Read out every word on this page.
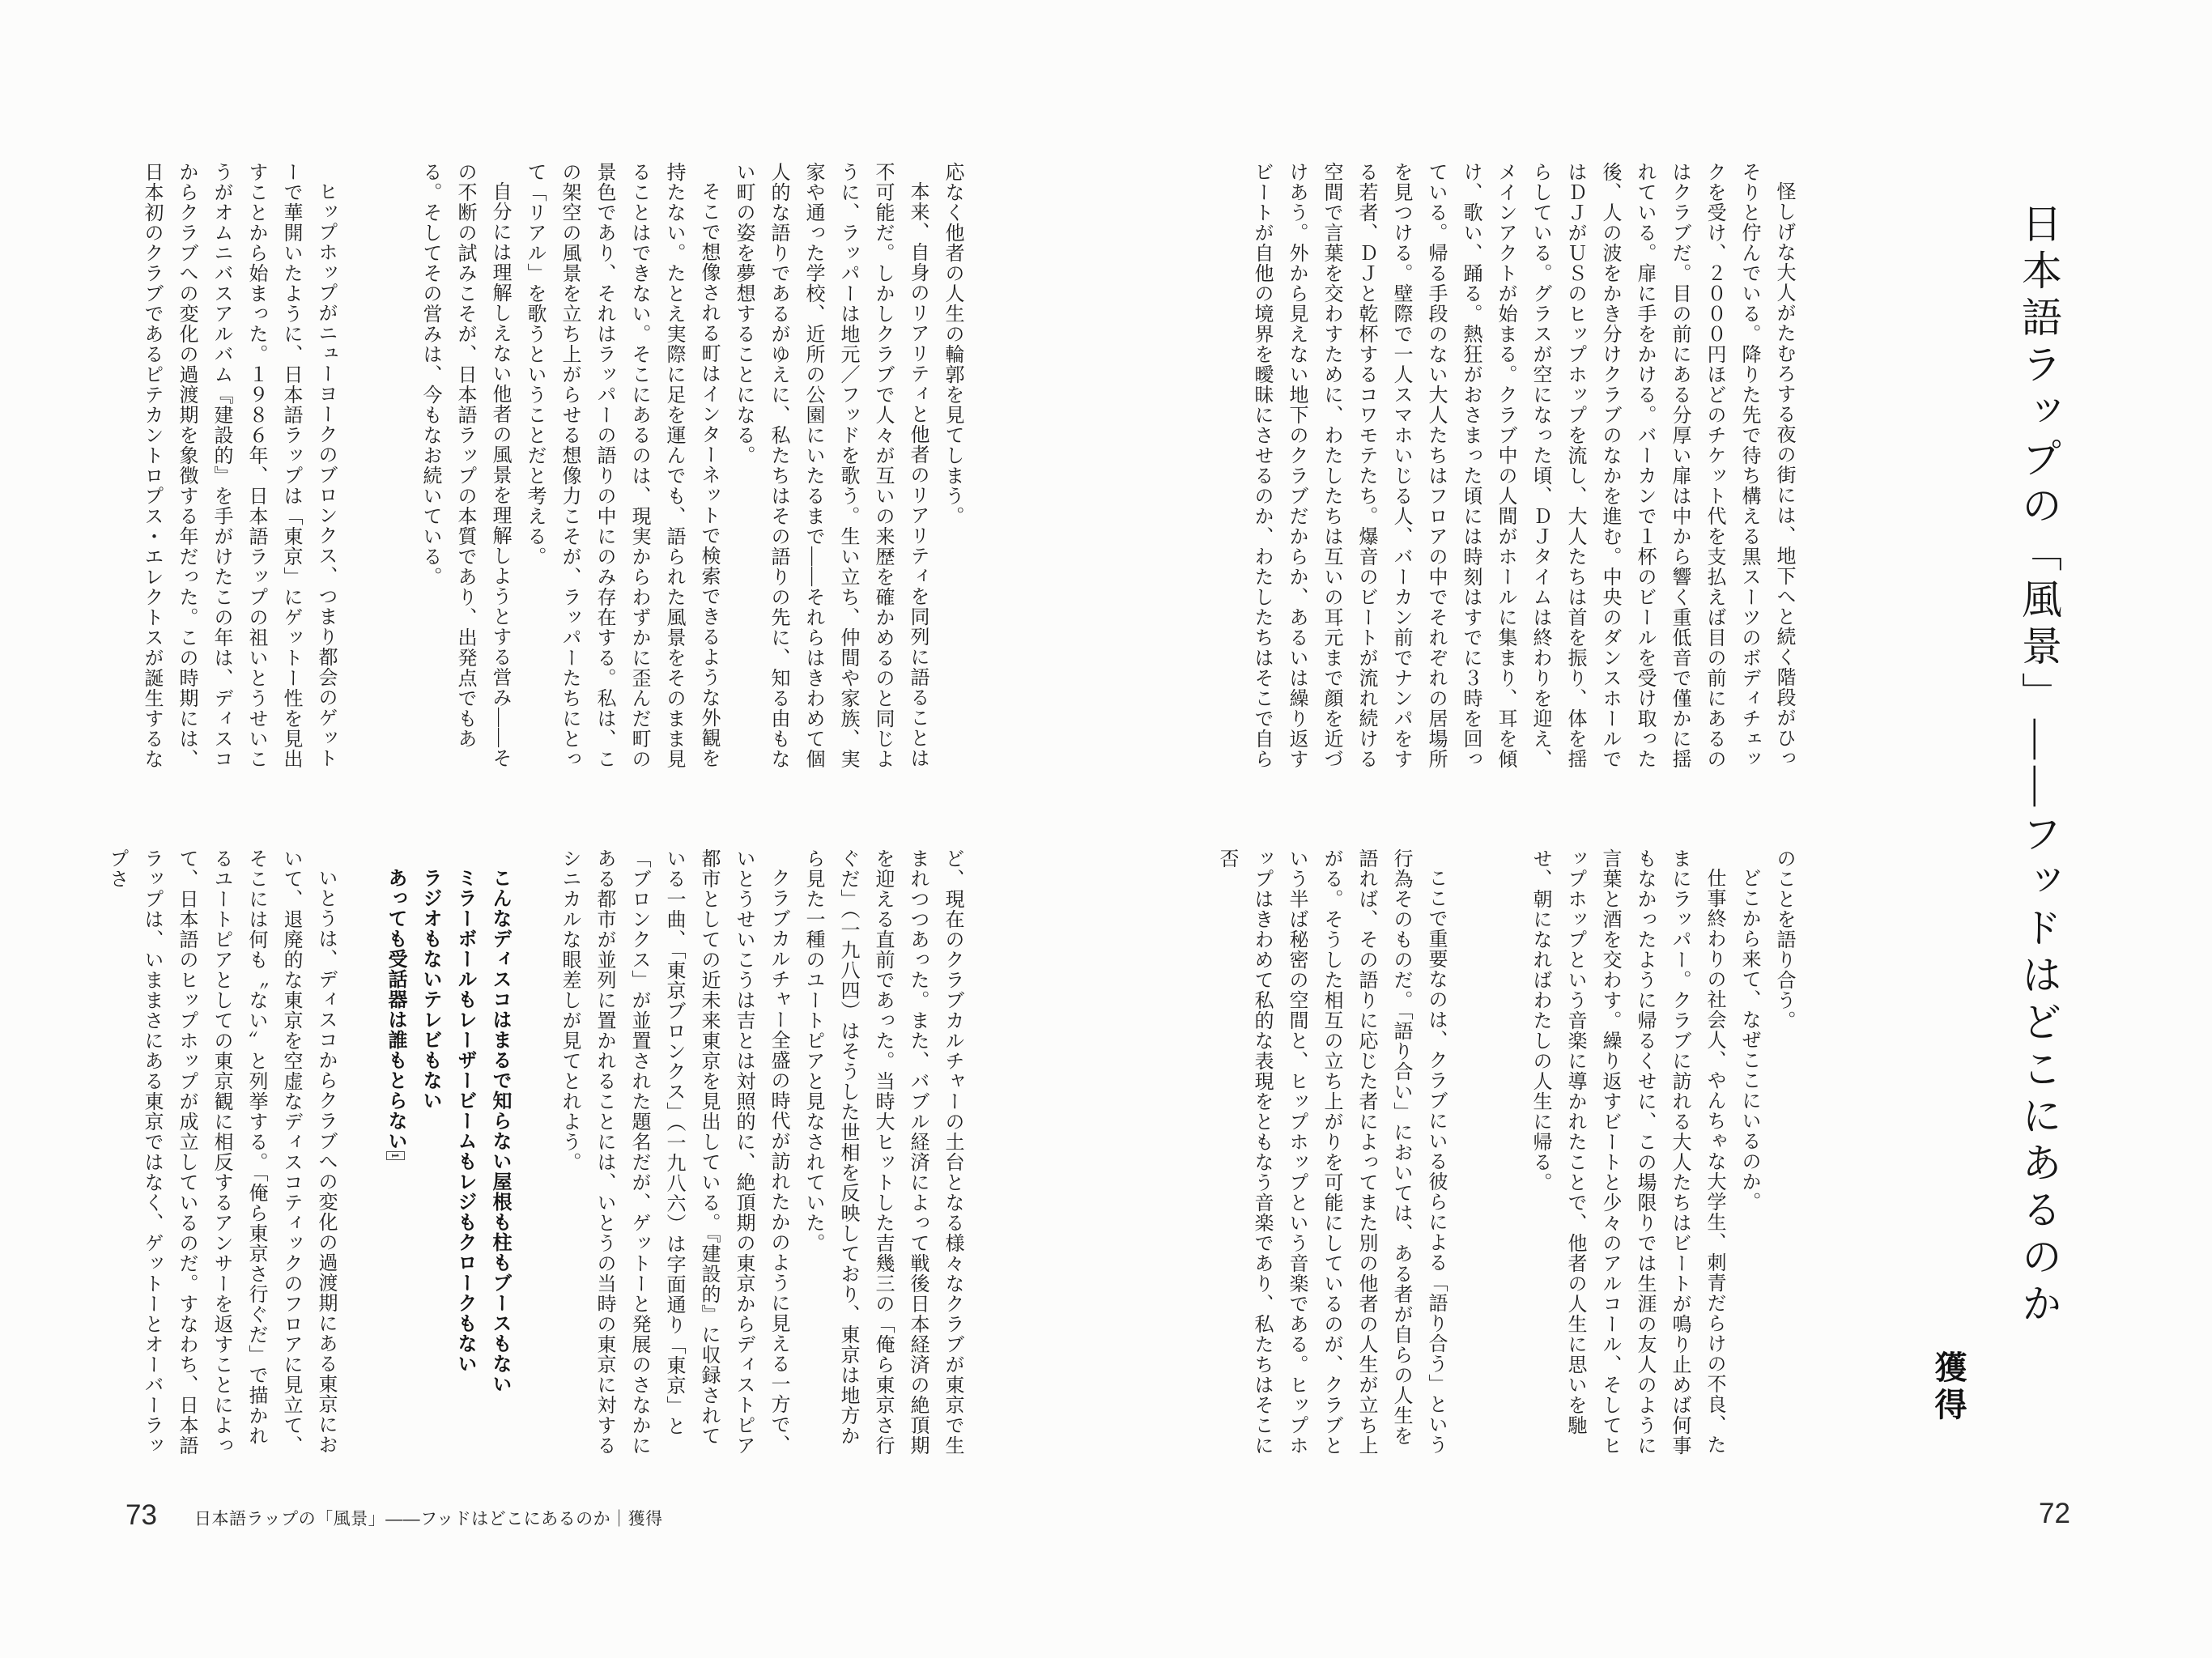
日本語ラップの「風景」――フッドはどこにあるのか
獲得

怪しげな大人がたむろする夜の街には、地下へと続く階段がひっそりと佇んでいる。降りた先で待ち構える黒スーツのボディチェックを受け、２０００円ほどのチケット代を支払えば目の前にあるのはクラブだ。目の前にある分厚い扉は中から響く重低音で僅かに揺れている。扉に手をかける。バーカンで１杯のビールを受け取った後、人の波をかき分けクラブのなかを進む。中央のダンスホールではＤＪがＵＳのヒップホップを流し、大人たちは首を振り、体を揺らしている。グラスが空になった頃、ＤＪタイムは終わりを迎え、メインアクトが始まる。クラブ中の人間がホールに集まり、耳を傾け、歌い、踊る。熱狂がおさまった頃には時刻はすでに３時を回っている。帰る手段のない大人たちはフロアの中でそれぞれの居場所を見つける。壁際で一人スマホいじる人、バーカン前でナンパをする若者、ＤＪと乾杯するコワモテたち。爆音のビートが流れ続ける空間で言葉を交わすために、わたしたちは互いの耳元まで顔を近づけあう。外から見えない地下のクラブだからか、あるいは繰り返すビートが自他の境界を曖昧にさせるのか、わたしたちはそこで自ら

のことを語り合う。

どこから来て、なぜここにいるのか。

仕事終わりの社会人、やんちゃな大学生、刺青だらけの不良、たまにラッパー。クラブに訪れる大人たちはビートが鳴り止めば何事もなかったように帰るくせに、この場限りでは生涯の友人のように言葉と酒を交わす。繰り返すビートと少々のアルコール、そしてヒップホップという音楽に導かれたことで、他者の人生に思いを馳せ、朝になればわたしの人生に帰る。

ここで重要なのは、クラブにいる彼らによる「語り合う」という行為そのものだ。「語り合い」においては、ある者が自らの人生を語れば、その語りに応じた者によってまた別の他者の人生が立ち上がる。そうした相互の立ち上がりを可能にしているのが、クラブという半ば秘密の空間と、ヒップホップという音楽である。ヒップホップはきわめて私的な表現をともなう音楽であり、私たちはそこに否

72

応なく他者の人生の輪郭を見てしまう。

本来、自身のリアリティと他者のリアリティを同列に語ることは不可能だ。しかしクラブで人々が互いの来歴を確かめるのと同じように、ラッパーは地元／フッドを歌う。生い立ち、仲間や家族、実家や通った学校、近所の公園にいたるまで――それらはきわめて個人的な語りであるがゆえに、私たちはその語りの先に、知る由もない町の姿を夢想することになる。

そこで想像される町はインターネットで検索できるような外観を持たない。たとえ実際に足を運んでも、語られた風景をそのまま見ることはできない。そこにあるのは、現実からわずかに歪んだ町の景色であり、それはラッパーの語りの中にのみ存在する。私は、この架空の風景を立ち上がらせる想像力こそが、ラッパーたちにとって「リアル」を歌うということだと考える。

自分には理解しえない他者の風景を理解しようとする営み――その不断の試みこそが、日本語ラップの本質であり、出発点でもある。そしてその営みは、今もなお続いている。

ヒップホップがニューヨークのブロンクス、つまり都会のゲットーで華開いたように、日本語ラップは「東京」にゲットー性を見出すことから始まった。１９８６年、日本語ラップの祖いとうせいこうがオムニバスアルバム『建設的』を手がけたこの年は、ディスコからクラブへの変化の過渡期を象徴する年だった。この時期には、日本初のクラブであるピテカントロプス・エレクトスが誕生するな

ど、現在のクラブカルチャーの土台となる様々なクラブが東京で生まれつつあった。また、バブル経済によって戦後日本経済の絶頂期を迎える直前であった。当時大ヒットした吉幾三の「俺ら東京さ行ぐだ」（一九八四）はそうした世相を反映しており、東京は地方から見た一種のユートピアと見なされていた。

クラブカルチャー全盛の時代が訪れたかのように見える一方で、いとうせいこうは吉とは対照的に、絶頂期の東京からディストピア都市としての近未来東京を見出している。『建設的』に収録されている一曲、「東京ブロンクス」（一九八六）は字面通り「東京」と「ブロンクス」が並置された題名だが、ゲットーと発展のさなかにある都市が並列に置かれることには、いとうの当時の東京に対するシニカルな眼差しが見てとれよう。

こんなディスコはまるで知らない屋根も柱もブースもない

ミラーボールもレーザービームもレジもクロークもない

ラジオもないテレビもない

あっても受話器は誰もとらない1

いとうは、ディスコからクラブへの変化の過渡期にある東京において、退廃的な東京を空虚なディスコティックのフロアに見立て、そこには何も〝ない〟と列挙する。「俺ら東京さ行ぐだ」で描かれるユートピアとしての東京観に相反するアンサーを返すことによって、日本語のヒップホップが成立しているのだ。すなわち、日本語ラップは、いままさにある東京ではなく、ゲットーとオーバーラップさ

73 日本語ラップの「風景」――フッドはどこにあるのか｜獲得
